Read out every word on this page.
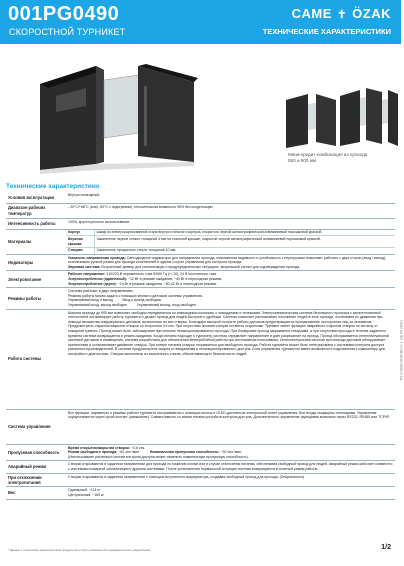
001PG0490
СКОРОСТНОЙ ТУРНИКЕТ
CAME ✝ ÖZAK
ТЕХНИЧЕСКИЕ ХАРАКТЕРИСТИКИ
Мини-кредит-комбинация из прохода 550 и 900 мм
Технические характеристики
Условия эксплуатации	Внутри помещений.
Диапазон рабочих температур	- 20°C/+68°C (или) -50°C с подогревом), относительная влажность 95% без конденсации.
Интенсивность работы	100%, круглосуточное использование.
Материалы	
Корпус	Шкаф из электрооцинкованной стали внутри стального корпуса, покрытого черной шелкографической алюминиевой порошковой краской.
Верхняя крышка	Закаленное черное стекло толщиной 4 мм на стальной крышке, покрытой черной шелкографической алюминиевой порошковой краской.
Створки	Закаленное прозрачное стекло толщиной 10 мм.

Индикаторы	Указатель направления прохода: Светодиодные индикаторы для направления прохода, повышенная видимость и устойчивость к перегрузкам позволяют работать с двух сторон (вход / выход), использовать ручной режим для прохода посетителей в здание и пульт управления для контроля прохода.
Звуковая система: Встроенный зуммер для сигнализации о предупредительных ситуациях, визуальный сигнал для подтверждения прохода.
Электропитание	Рабочее напряжение: 110/220 В переменного тока 50/60 Гц (+/-10), 24 В постоянного тока
Энергопотребление (одиночный): ~12 Вт в режиме ожидания, ~40 Вт в переходном режиме.
Энергопотребление (групп): ~24 Вт в режиме ожидания, ~80-42 Вт в переходном режиме.
Режимы работы	
Система работает в двух направлениях.
Режимы работы можно задать с помощью кнопки и датчиков системы управления.
Управляемый вход и выход          Вход и выход свободны
Управляемый вход, выход свободен          Управляемый выход, вход свободен

Работа системы	Ширина прохода до 900 мм позволяет свободно передвигаться по инвалидным коляскам, с чемоданами и тележками. Электромеханическая система безопасного пропуска с запатентованной технологией оптимизирует работу турникета и делает проход для людей быстрым и удобным. Система позволяет распознавать положение людей в зоне прохода, отслеживая их движения при помощи множества инфракрасных датчиков, включенных во все створки. Благодаря высокой точности работы датчиков предотвращается проникновение посторонних лиц за человеком. Предусмотрено открытие/закрытие створок со скоростью 0,6 сек. При отсутствии питания створки остаются открытыми. Турникет имеет функцию аварийного открытия створок по сигналу от пожарной тревоги. Проход может быть заблокирован при попытке несанкционированного прохода. При блокировке проход закрывается створками, а при отсутствии прохода в течение заданного времени система возвращается в режим ожидания. Когда человек подходит к турникету, система определяет направление и дает разрешение на проход. Проход обслуживается интеллектуальной системой датчиков и оповещения, система разработана для обеспечения бесперебойной работы при интенсивном пользовании. Интеллектуальная система при помощи датчиков обнаруживает препятствия и останавливает движение створок. При потере питания створки открываются для свободного прохода. Работа турникета может быть интегрирована с системами контроля доступа различных производителей. В системе предусмотрена защита от вандализма и несанкционированного доступа. Блок управления турникетом имеет возможность подключения к компьютеру для настройки и диагностики. Створки выполнены из закаленного стекла, обеспечивающего безопасность людей.
Система управления	Все функции, параметры и режимы работы турникета настраиваются с помощью кнопок и OLED-дисплея на электронной плате управления. Все входы защищены оптопарами. Управление осуществляется через сухой контакт (замыкание). Совместимость со всеми типами устройств контроля доступа. Дополнительно: управление функциями возможно через RS232, RS485 или TCP/IP.
Пропускная способность	Время открытия/закрытия створок: ~0,6 сек.
Режим свободного прохода: ~60 чел./мин.          Номинальная пропускная способность: ~30 чел./мин.
(Использование различных систем контроля доступа может изменить номинальную пропускную способность)
Аварийный режим	Створки открываются в заданном направлении для прохода по нажатию кнопки или в случае отключения питания, обеспечивая свободный проход для людей. Аварийный режим работает совместно с системами пожарной сигнализации и другими системами. После установления нормальной ситуации система возвращается в штатный режим работы.
При отключении электропитания	Створки открываются в заданном направлении с помощью встроенного аккумулятора, создавая свободный проход для прохода. (Опционально)
Вес	Одинарный: ~114 кг
Центральный: ~169 кг
* Данные о технических характеристиках продукта могут быть изменены без предварительного уведомления.	1/2
TD-1-0020-0490-RU-V 1 (28.09.2021)
